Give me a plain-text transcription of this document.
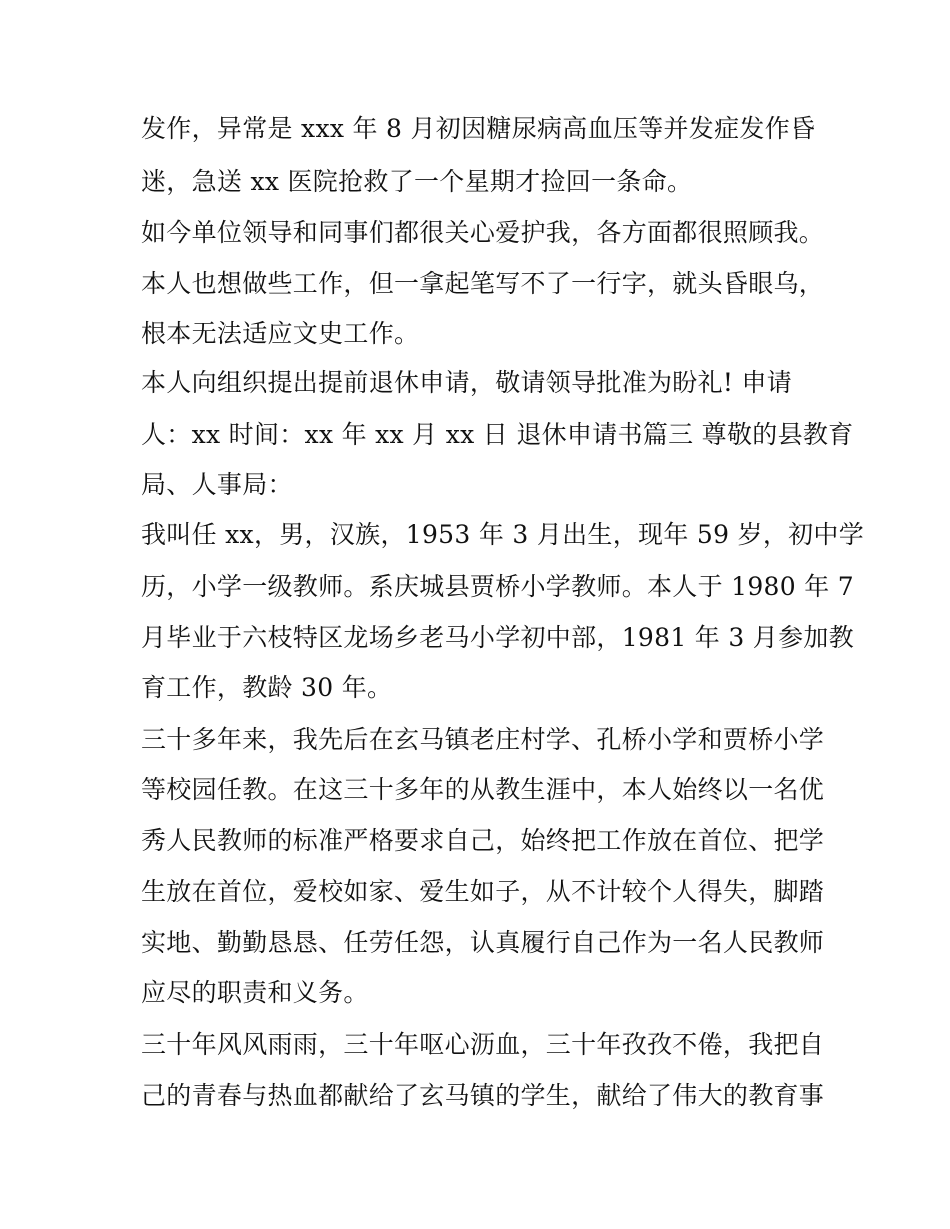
发作，异常是 xxx 年 8 月初因糖尿病高血压等并发症发作昏
迷，急送 xx 医院抢救了一个星期才捡回一条命。
如今单位领导和同事们都很关心爱护我，各方面都很照顾我。
本人也想做些工作，但一拿起笔写不了一行字，就头昏眼乌，
根本无法适应文史工作。
本人向组织提出提前退休申请，敬请领导批准为盼礼! 申请
人：xx 时间：xx 年 xx 月 xx 日 退休申请书篇三 尊敬的县教育
局、人事局：
我叫任 xx，男，汉族，1953 年 3 月出生，现年 59 岁，初中学
历，小学一级教师。系庆城县贾桥小学教师。本人于 1980 年 7
月毕业于六枝特区龙场乡老马小学初中部，1981 年 3 月参加教
育工作，教龄 30 年。
三十多年来，我先后在玄马镇老庄村学、孔桥小学和贾桥小学
等校园任教。在这三十多年的从教生涯中，本人始终以一名优
秀人民教师的标准严格要求自己，始终把工作放在首位、把学
生放在首位，爱校如家、爱生如子，从不计较个人得失，脚踏
实地、勤勤恳恳、任劳任怨，认真履行自己作为一名人民教师
应尽的职责和义务。
三十年风风雨雨，三十年呕心沥血，三十年孜孜不倦，我把自
己的青春与热血都献给了玄马镇的学生，献给了伟大的教育事
